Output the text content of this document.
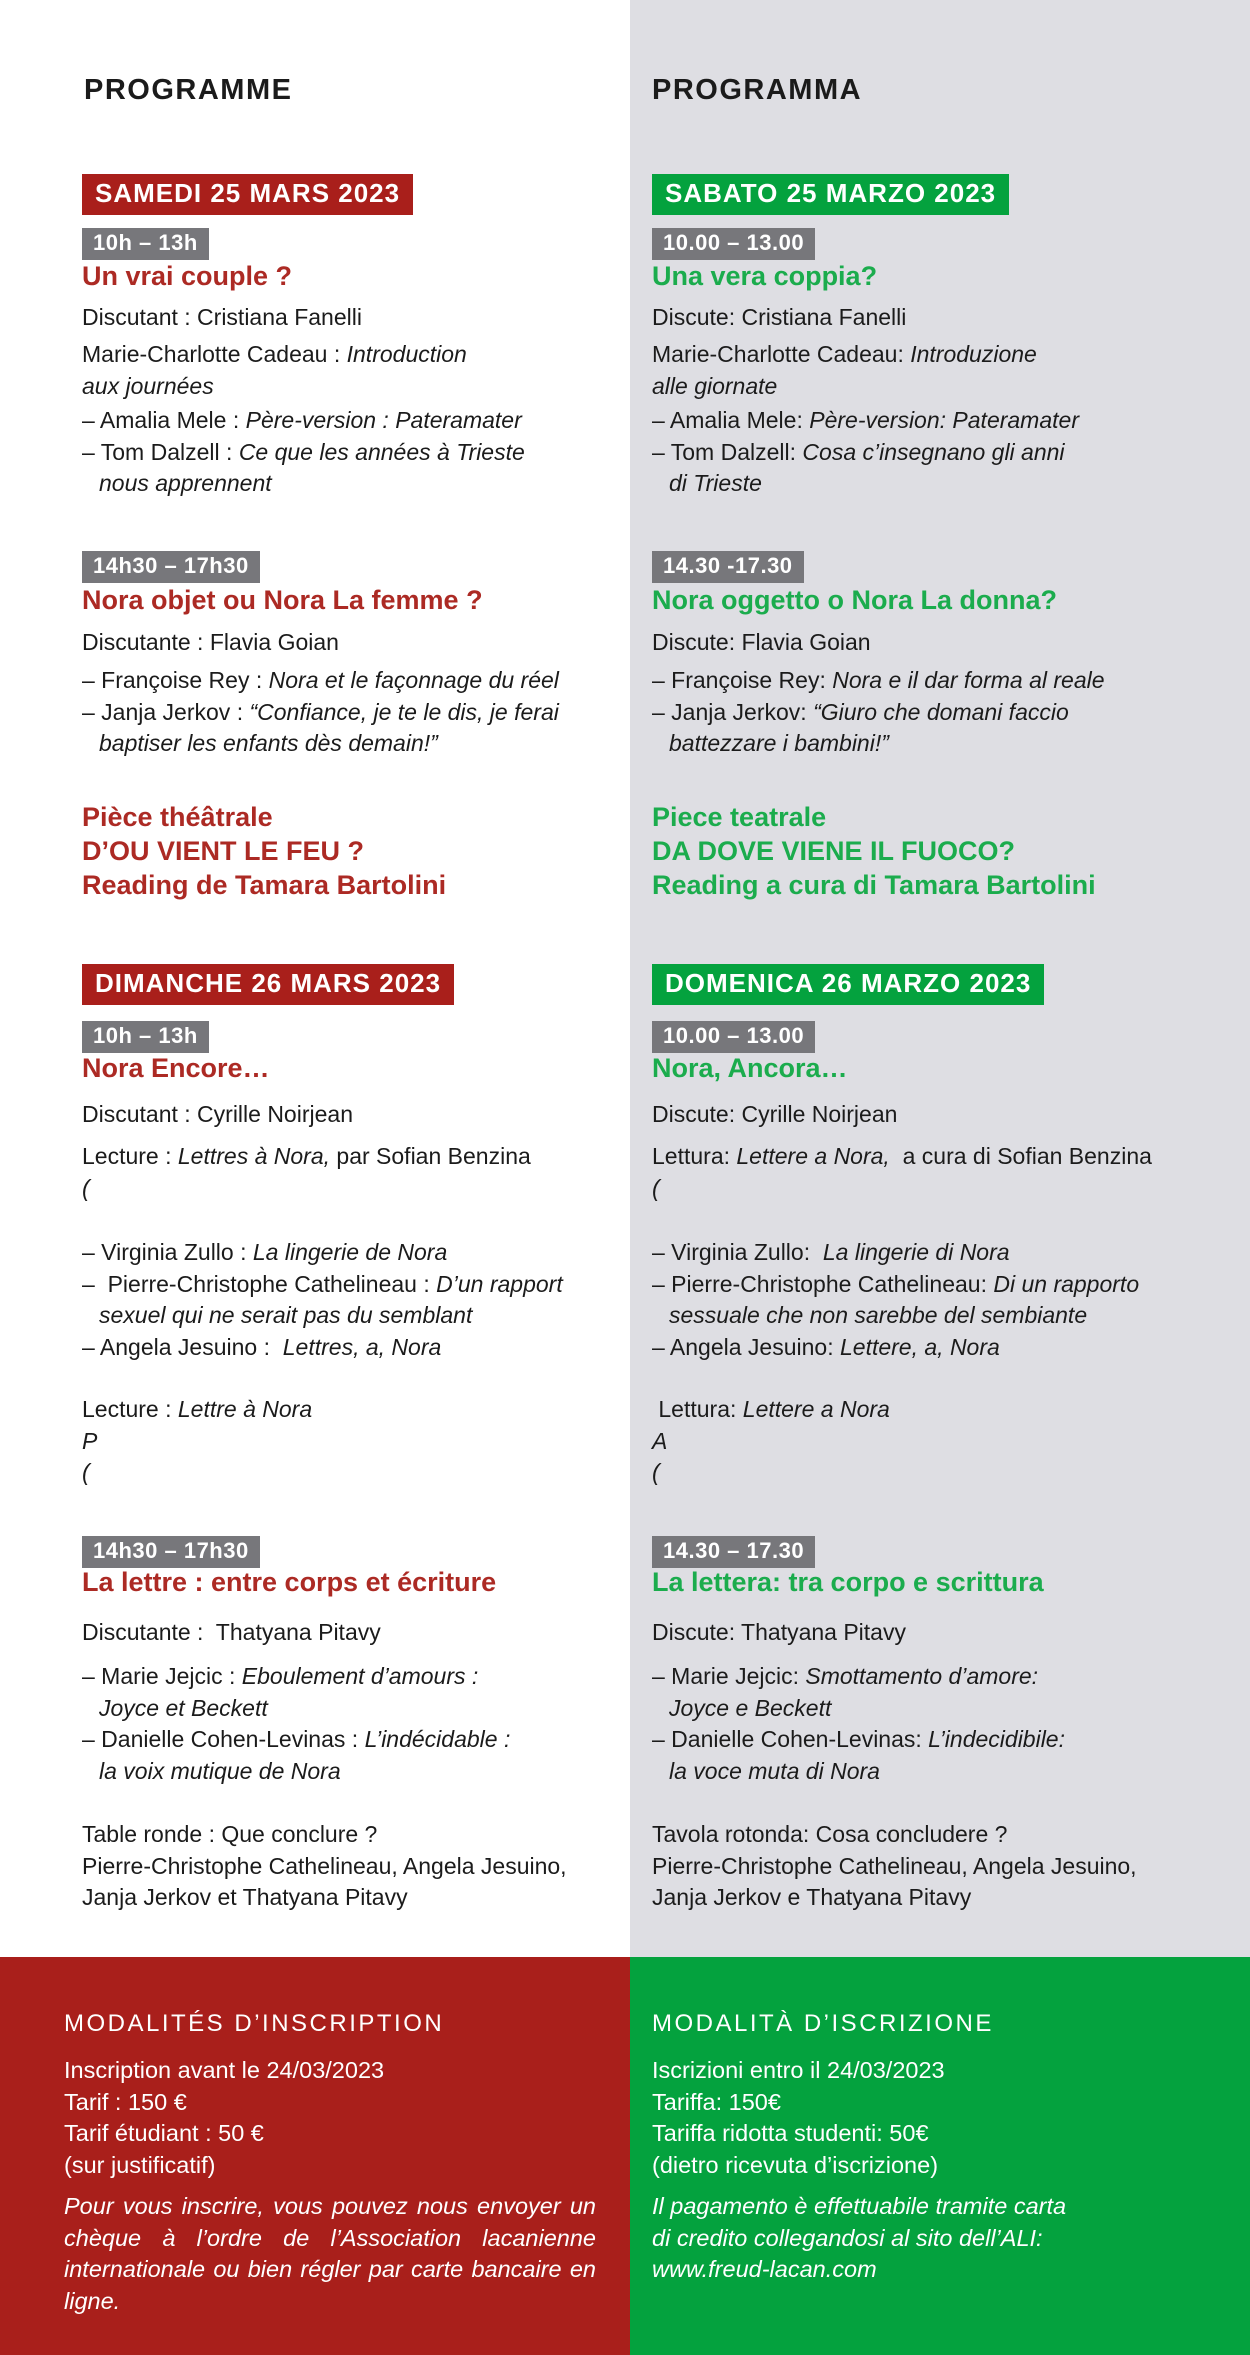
PROGRAMME
SAMEDI 25 MARS 2023
10h – 13h
Un vrai couple ?
Discutant : Cristiana Fanelli
Marie-Charlotte Cadeau : Introduction
aux journées
– Amalia Mele : Père-version : Pateramater
– Tom Dalzell : Ce que les années à Trieste
nous apprennent
14h30 – 17h30
Nora objet ou Nora La femme ?
Discutante : Flavia Goian
– Françoise Rey : Nora et le façonnage du réel
– Janja Jerkov : “Confiance, je te le dis, je ferai
baptiser les enfants dès demain!”
Pièce théâtrale
D’OU VIENT LE FEU ?
Reading de Tamara Bartolini
DIMANCHE 26 MARS 2023
10h – 13h
Nora Encore…
Discutant : Cyrille Noirjean
Lecture : Lettres à Nora, par Sofian Benzina
(
– Virginia Zullo : La lingerie de Nora
–  Pierre-Christophe Cathelineau : D’un rapport
sexuel qui ne serait pas du semblant
– Angela Jesuino :  Lettres, a, Nora
Lecture : Lettre à Nora
P
(
14h30 – 17h30
La lettre : entre corps et écriture
Discutante :  Thatyana Pitavy
– Marie Jejcic : Eboulement d’amours :
Joyce et Beckett
– Danielle Cohen-Levinas : L’indécidable :
la voix mutique de Nora
Table ronde : Que conclure ?
Pierre-Christophe Cathelineau, Angela Jesuino,
Janja Jerkov et Thatyana Pitavy
MODALITÉS D’INSCRIPTION
Inscription avant le 24/03/2023
Tarif : 150 €
Tarif étudiant : 50 €
(sur justificatif)
Pour vous inscrire, vous pouvez nous envoyer un chèque à l’ordre de l’Association lacanienne internationale ou bien régler par carte bancaire en ligne.
PROGRAMMA
SABATO 25 MARZO 2023
10.00 – 13.00
Una vera coppia?
Discute: Cristiana Fanelli
Marie-Charlotte Cadeau: Introduzione
alle giornate
– Amalia Mele: Père-version: Pateramater
– Tom Dalzell: Cosa c’insegnano gli anni
di Trieste
14.30 -17.30
Nora oggetto o Nora La donna?
Discute: Flavia Goian
– Françoise Rey: Nora e il dar forma al reale
– Janja Jerkov: “Giuro che domani faccio
battezzare i bambini!”
Piece teatrale
DA DOVE VIENE IL FUOCO?
Reading a cura di Tamara Bartolini
DOMENICA 26 MARZO 2023
10.00 – 13.00
Nora, Ancora…
Discute: Cyrille Noirjean
Lettura: Lettere a Nora,  a cura di Sofian Benzina
(
– Virginia Zullo:  La lingerie di Nora
– Pierre-Christophe Cathelineau: Di un rapporto
sessuale che non sarebbe del sembiante
– Angela Jesuino: Lettere, a, Nora
Lettura: Lettere a Nora
A
(
14.30 – 17.30
La lettera: tra corpo e scrittura
Discute: Thatyana Pitavy
– Marie Jejcic: Smottamento d’amore:
Joyce e Beckett
– Danielle Cohen-Levinas: L’indecidibile:
la voce muta di Nora
Tavola rotonda: Cosa concludere ?
Pierre-Christophe Cathelineau, Angela Jesuino,
Janja Jerkov e Thatyana Pitavy
MODALITÀ D’ISCRIZIONE
Iscrizioni entro il 24/03/2023
Tariffa: 150€
Tariffa ridotta studenti: 50€
(dietro ricevuta d’iscrizione)
Il pagamento è effettuabile tramite carta
di credito collegandosi al sito dell’ALI:
www.freud-lacan.com
